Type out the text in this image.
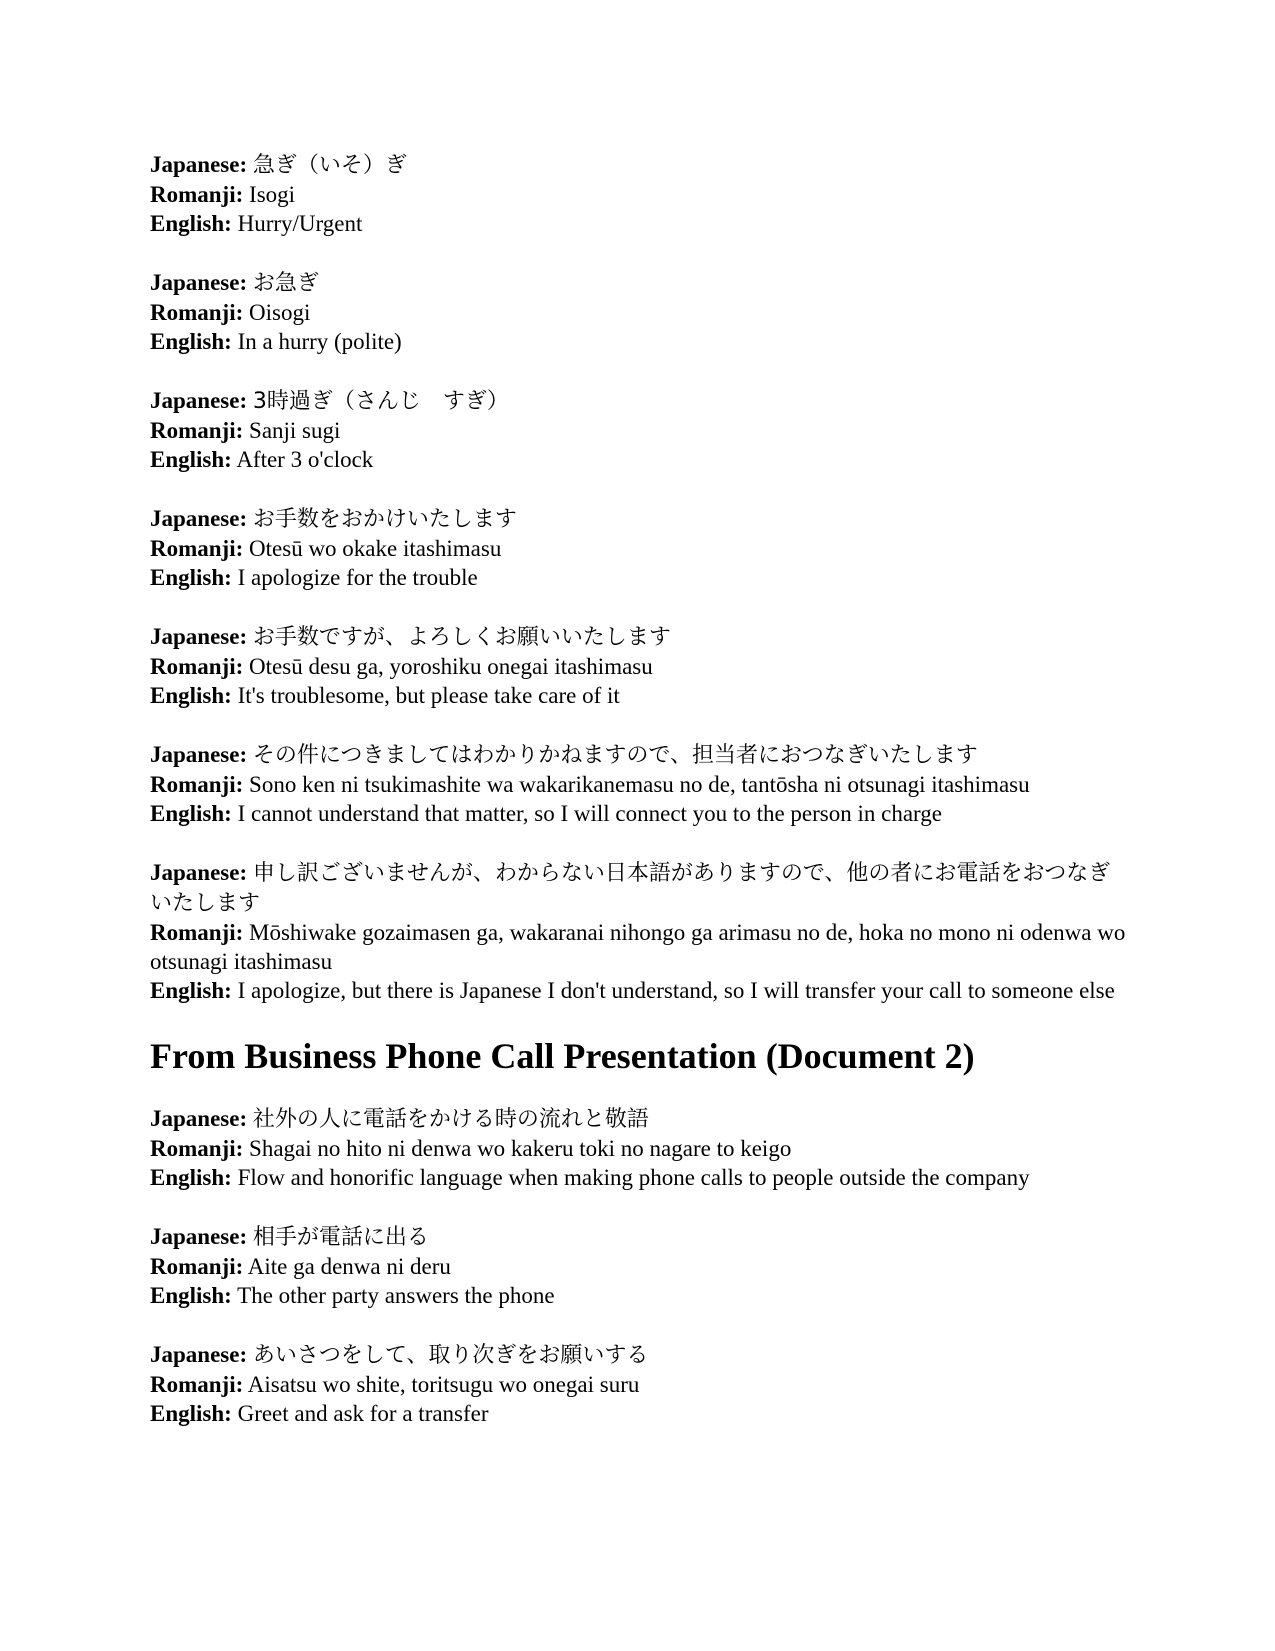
Japanese: 急ぎ（いそ）ぎ
Romanji: Isogi
English: Hurry/Urgent
Japanese: お急ぎ
Romanji: Oisogi
English: In a hurry (polite)
Japanese: 3時過ぎ（さんじ　すぎ）
Romanji: Sanji sugi
English: After 3 o'clock
Japanese: お手数をおかけいたします
Romanji: Otesū wo okake itashimasu
English: I apologize for the trouble
Japanese: お手数ですが、よろしくお願いいたします
Romanji: Otesū desu ga, yoroshiku onegai itashimasu
English: It's troublesome, but please take care of it
Japanese: その件につきましてはわかりかねますので、担当者におつなぎいたします
Romanji: Sono ken ni tsukimashite wa wakarikanemasu no de, tantōsha ni otsunagi itashimasu
English: I cannot understand that matter, so I will connect you to the person in charge
Japanese: 申し訳ございませんが、わからない日本語がありますので、他の者にお電話をおつなぎいたします
Romanji: Mōshiwake gozaimasen ga, wakaranai nihongo ga arimasu no de, hoka no mono ni odenwa wo otsunagi itashimasu
English: I apologize, but there is Japanese I don't understand, so I will transfer your call to someone else
From Business Phone Call Presentation (Document 2)
Japanese: 社外の人に電話をかける時の流れと敬語
Romanji: Shagai no hito ni denwa wo kakeru toki no nagare to keigo
English: Flow and honorific language when making phone calls to people outside the company
Japanese: 相手が電話に出る
Romanji: Aite ga denwa ni deru
English: The other party answers the phone
Japanese: あいさつをして、取り次ぎをお願いする
Romanji: Aisatsu wo shite, toritsugu wo onegai suru
English: Greet and ask for a transfer
